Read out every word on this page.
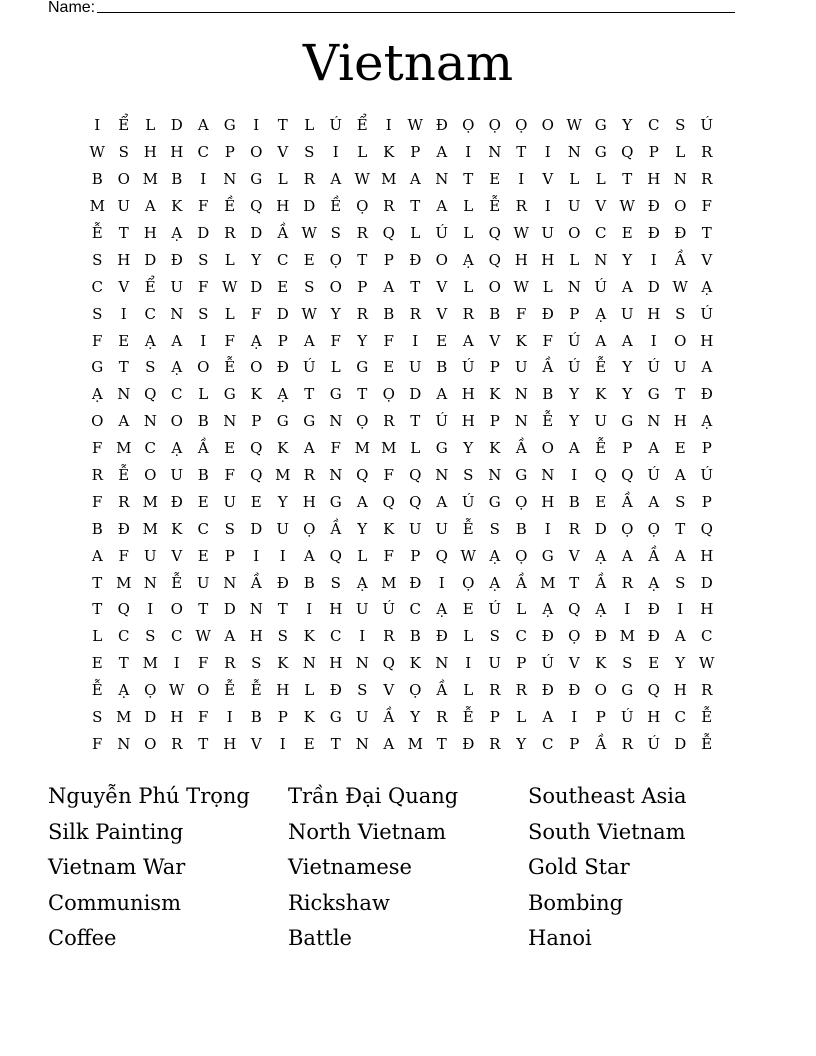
Name:
Vietnam
I	Ể	L	D	A	G	I	T	L	Ú Ể	I	W Đ Ọ Ọ Ọ O W G	Y	C	S	Ú
W S H H C	P	O V	S	I	L	K	P	A	I	N T	I	N G Q	P	L	R
B O M B	I	N G	L	R	A W M A N T	E	I	V	L	L	T H N R
M U A	K	F	Ề Q H D	Ề Ọ R	T	A	L	Ễ	R	I	U V W Đ O	F
Ễ	T H Ạ	D R D	Ầ W S	R Q	L	Ú	L	Q W U O C	E Đ Đ	T
S H D Đ	S	L	Y	C	E Ọ	T	P	Đ O Ạ Q H H L N Y	I	Ầ	V
C	V	Ể U F W D	E	S	O	P	A	T	V	L	O W L N Ú A	D W Ạ
S	I	C N S	L	F	D W Y	R	B	R	V	R	B	F	Đ	P	Ạ U H S	Ú
F	E	Ạ	A	I	F	Ạ	P	A	F	Y	F	I	E	A	V	K	F Ú A	A	I	O H
G	T	S	Ạ O Ễ O Đ Ú	L	G	E U B Ú	P	U Ầ Ú Ễ	Y	Ú U A
Ạ N Q C	L	G K	Ạ	T	G	T	Ọ D	A H K N B	Y	K	Y	G	T	Đ
O A N O B N P	G G N Ọ R	T	Ú H P N Ễ	Y	U G N H Ạ
F M C	Ạ	Ầ	E Q K	A	F M M L	G	Y	K	Ầ O A	Ễ	P	A	E	P
R	Ễ O U B	F	Q M R N Q	F	Q N S N G N	I	Q Q Ú A Ú
F	R M Đ E U E	Y	H G	A Q Q A Ú G Ọ H B	E	Ầ	A	S	P
B Đ M K	C	S	D U Ọ Ầ	Y	K U U Ễ	S	B	I	R D Ọ Ọ	T	Q
A	F U V	E	P	I	I	A Q	L	F	P	Q W Ạ Ọ G	V	Ạ	A	Ầ	A H
T M N Ễ U N Ầ	Đ B	S	Ạ M Đ	I	Ọ Ạ	Ầ M T	Ầ	R	Ạ	S	D
T	Q	I	O	T	D N T	I	H U Ú C	Ạ	E Ú	L	Ạ Q Ạ	I	Đ	I	H
L	C	S	C W A H S	K	C	I	R	B Đ	L	S	C Đ Ọ Đ M Đ	A	C
E	T M	I	F	R	S	K N H N Q K N	I	U	P	Ú V	K	S	E	Y W
Ễ	Ạ Ọ W O Ễ	Ễ H L	Đ	S	V Ọ Ầ	L	R	R Đ Đ O G Q H R
S M D H F	I	B	P	K G U Ầ	Y	R	Ễ	P	L	A	I	P	Ú H C	Ễ
F N O R	T H V	I	E	T N A M T	Đ R	Y	C	P	Ầ	R Ú D	Ễ
Nguyễn Phú Trọng	Trần Đại Quang	Southeast Asia
Silk Painting	North Vietnam	South Vietnam
Vietnam War	Vietnamese	Gold Star
Communism	Rickshaw	Bombing
Coffee	Battle	Hanoi
